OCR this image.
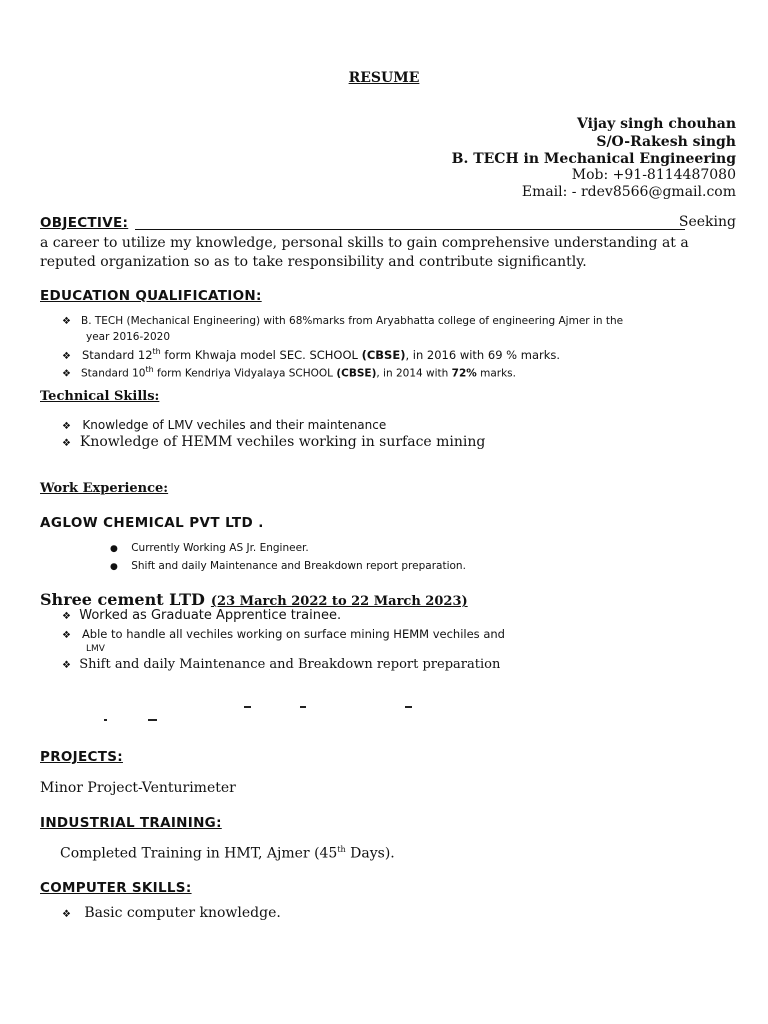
RESUME
Vijay singh chouhan
S/O-Rakesh singh
B. TECH in Mechanical Engineering
Mob: +91-8114487080
Email: - rdev8566@gmail.com
OBJECTIVE:	Seeking
a career to utilize my knowledge, personal skills to gain comprehensive understanding at a reputed organization so as to take responsibility and contribute significantly.
EDUCATION QUALIFICATION:
❖ B. TECH (Mechanical Engineering) with 68%marks from Aryabhatta college of engineering Ajmer in the
year 2016-2020
❖ Standard 12th form Khwaja model SEC. SCHOOL (CBSE), in 2016 with 69 % marks.
❖ Standard 10th form Kendriya Vidyalaya SCHOOL (CBSE), in 2014 with 72% marks.
Technical Skills:
❖ Knowledge of LMV vechiles and their maintenance
❖  Knowledge of HEMM vechiles working in surface mining
Work Experience:
AGLOW CHEMICAL PVT LTD .
● Currently Working AS Jr. Engineer.
● Shift and daily Maintenance and Breakdown report preparation.
Shree cement LTD (23 March 2022 to 22 March 2023)
❖ Worked as Graduate Apprentice trainee.
❖ Able to handle all vechiles working on surface mining HEMM vechiles and
LMV
❖ Shift and daily Maintenance and Breakdown report preparation
PROJECTS:
Minor Project-Venturimeter
INDUSTRIAL TRAINING:
Completed Training in HMT, Ajmer (45th Days).
COMPUTER SKILLS:
❖ Basic computer knowledge.
